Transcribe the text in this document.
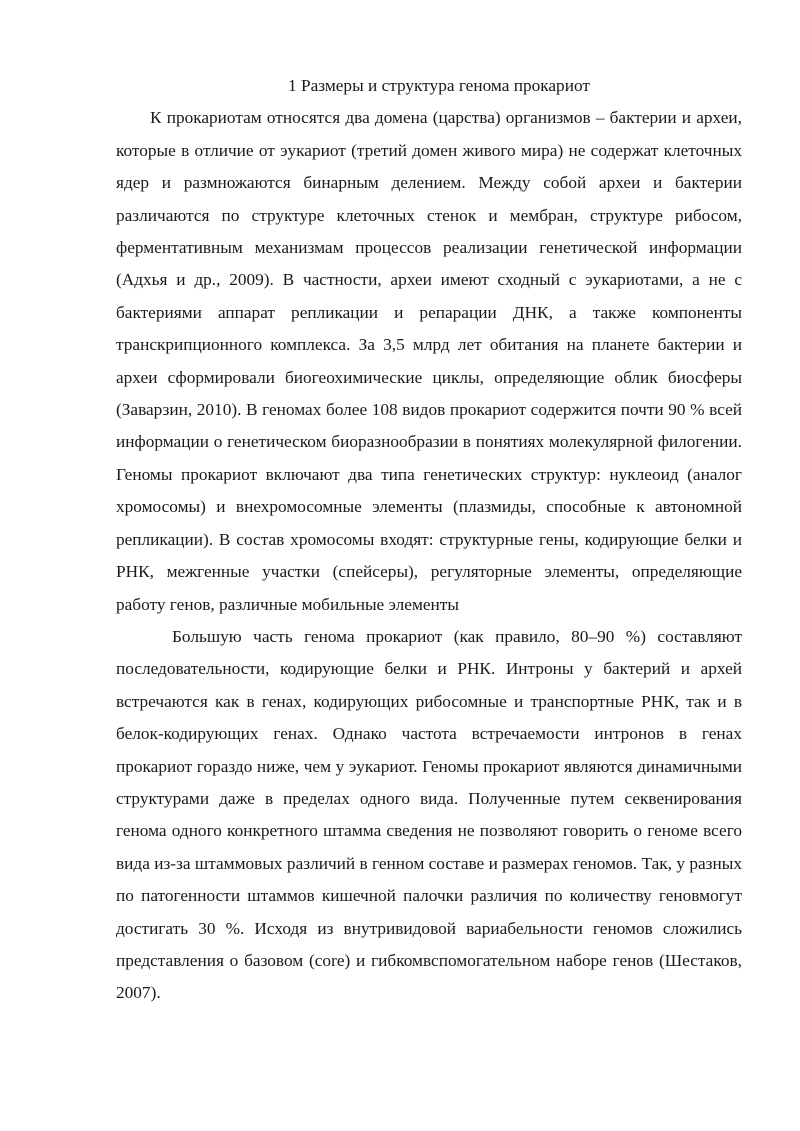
1 Размеры и структура генома прокариот

К прокариотам относятся два домена (царства) организмов – бактерии и археи, которые в отличие от эукариот (третий домен живого мира) не содержат клеточных ядер и размножаются бинарным делением. Между собой археи и бактерии различаются по структуре клеточных стенок и мембран, структуре рибосом, ферментативным механизмам процессов реализации генетической информации (Адхья и др., 2009). В частности, археи имеют сходный с эукариотами, а не с бактериями аппарат репликации и репарации ДНК, а также компоненты транскрипционного комплекса. За 3,5 млрд лет обитания на планете бактерии и археи сформировали биогеохимические циклы, определяющие облик биосферы (Заварзин, 2010). В геномах более 108 видов прокариот содержится почти 90 % всей информации о генетическом биоразнообразии в понятиях молекулярной филогении. Геномы прокариот включают два типа генетических структур: нуклеоид (аналог хромосомы) и внехромосомные элементы (плазмиды, способные к автономной репликации). В состав хромосомы входят: структурные гены, кодирующие белки и РНК, межгенные участки (спейсеры), регуляторные элементы, определяющие работу генов, различные мобильные элементы

Большую часть генома прокариот (как правило, 80–90 %) составляют последовательности, кодирующие белки и РНК. Интроны у бактерий и архей встречаются как в генах, кодирующих рибосомные и транспортные РНК, так и в белок-кодирующих генах. Однако частота встречаемости интронов в генах прокариот гораздо ниже, чем у эукариот. Геномы прокариот являются динамичными структурами даже в пределах одного вида. Полученные путем секвенирования генома одного конкретного штамма сведения не позволяют говорить о геноме всего вида из-за штаммовых различий в генном составе и размерах геномов. Так, у разных по патогенности штаммов кишечной палочки различия по количеству геновмогут достигать 30 %. Исходя из внутривидовой вариабельности геномов сложились представления о базовом (core) и гибкомвспомогательном наборе генов (Шестаков, 2007).
